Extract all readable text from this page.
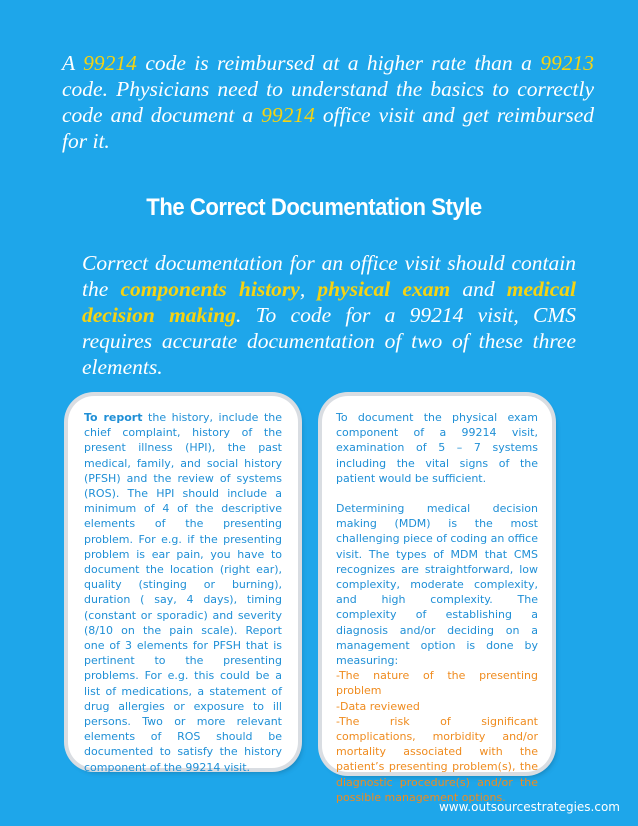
A 99214 code is reimbursed at a higher rate than a 99213 code. Physicians need to understand the basics to correctly code and document a 99214 office visit and get reimbursed for it.

The Correct Documentation Style

Correct documentation for an office visit should contain the components history, physical exam and medical decision making. To code for a 99214 visit, CMS requires accurate documentation of two of these three elements.

To report the history, include the chief complaint, history of the present illness (HPI), the past medical, family, and social history (PFSH) and the review of systems (ROS). The HPI should include a minimum of 4 of the descriptive elements of the presenting problem. For e.g. if the presenting problem is ear pain, you have to document the location (right ear), quality (stinging or burning), duration ( say, 4 days), timing (constant or sporadic) and severity (8/10 on the pain scale). Report one of 3 elements for PFSH that is pertinent to the presenting problems. For e.g. this could be a list of medications, a statement of drug allergies or exposure to ill persons. Two or more relevant elements of ROS should be documented to satisfy the history component of the 99214 visit.

To document the physical exam component of a 99214 visit, examination of 5 – 7 systems including the vital signs of the patient would be sufficient.

Determining medical decision making (MDM) is the most challenging piece of coding an office visit. The types of MDM that CMS recognizes are straightforward, low complexity, moderate complexity, and high complexity. The complexity of establishing a diagnosis and/or deciding on a management option is done by measuring:

-The nature of the presenting problem
-Data reviewed
-The risk of significant complications, morbidity and/or mortality associated with the patient’s presenting problem(s), the diagnostic procedure(s) and/or the possible management options.
www.outsourcestrategies.com
